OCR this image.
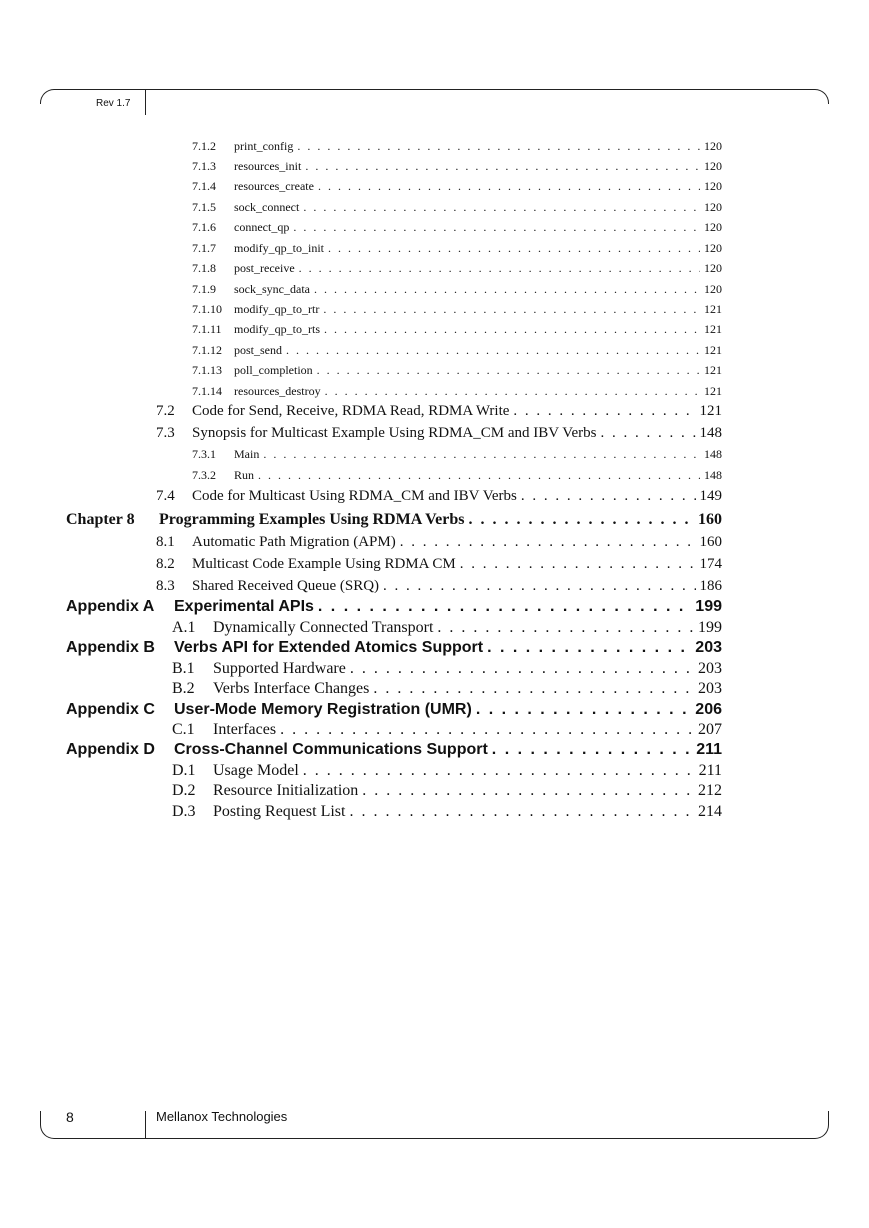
Rev 1.7
7.1.2	print_config . . .	120
7.1.3	resources_init . . .	120
7.1.4	resources_create . . .	120
7.1.5	sock_connect . . .	120
7.1.6	connect_qp . . .	120
7.1.7	modify_qp_to_init . . .	120
7.1.8	post_receive . . .	120
7.1.9	sock_sync_data . . .	120
7.1.10	modify_qp_to_rtr . . .	121
7.1.11	modify_qp_to_rts . . .	121
7.1.12	post_send . . .	121
7.1.13	poll_completion . . .	121
7.1.14	resources_destroy . . .	121
7.2	Code for Send, Receive, RDMA Read, RDMA Write . . .	121
7.3	Synopsis for Multicast Example Using RDMA_CM and IBV Verbs . . .	148
7.3.1	Main . . .	148
7.3.2	Run . . .	148
7.4	Code for Multicast Using RDMA_CM and IBV Verbs . . .	149
Chapter 8	Programming Examples Using RDMA Verbs . . .	160
8.1	Automatic Path Migration (APM) . . .	160
8.2	Multicast Code Example Using RDMA CM . . .	174
8.3	Shared Received Queue (SRQ) . . .	186
Appendix A	Experimental APIs . . .	199
A.1	Dynamically Connected Transport . . .	199
Appendix B	Verbs API for Extended Atomics Support . . .	203
B.1	Supported Hardware . . .	203
B.2	Verbs Interface Changes . . .	203
Appendix C	User-Mode Memory Registration (UMR) . . .	206
C.1	Interfaces . . .	207
Appendix D	Cross-Channel Communications Support . . .	211
D.1	Usage Model . . .	211
D.2	Resource Initialization . . .	212
D.3	Posting Request List . . .	214
8	Mellanox Technologies
